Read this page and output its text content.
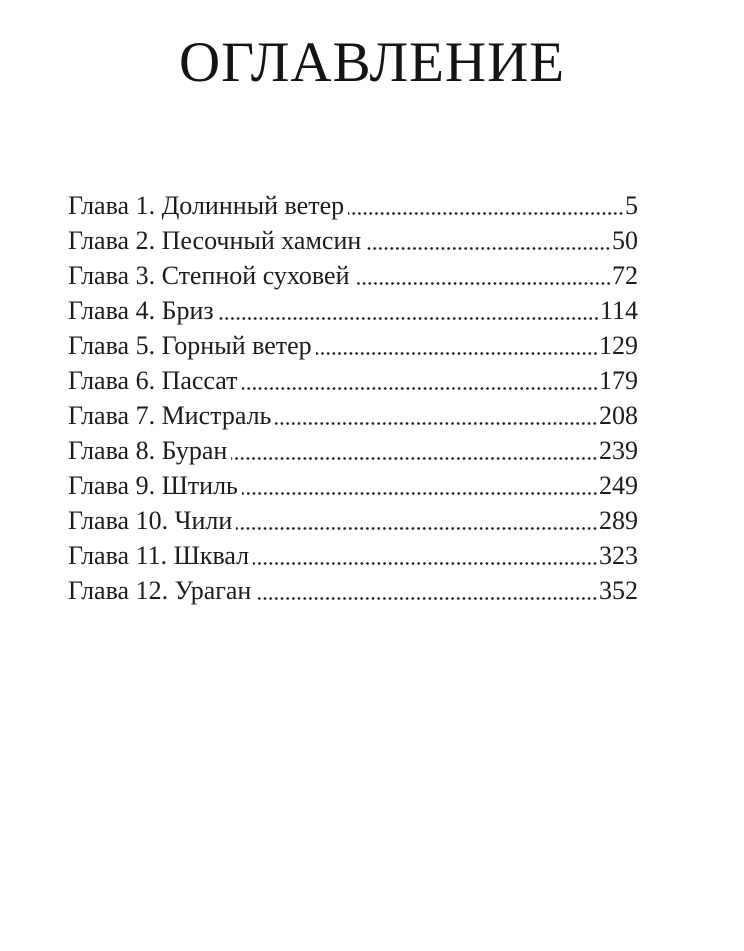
ОГЛАВЛЕНИЕ
Глава 1. Долинный ветер	5
Глава 2. Песочный хамсин	50
Глава 3. Степной суховей	72
Глава 4. Бриз	114
Глава 5. Горный ветер	129
Глава 6. Пассат	179
Глава 7. Мистраль	208
Глава 8. Буран	239
Глава 9. Штиль	249
Глава 10. Чили	289
Глава 11. Шквал	323
Глава 12. Ураган	352
